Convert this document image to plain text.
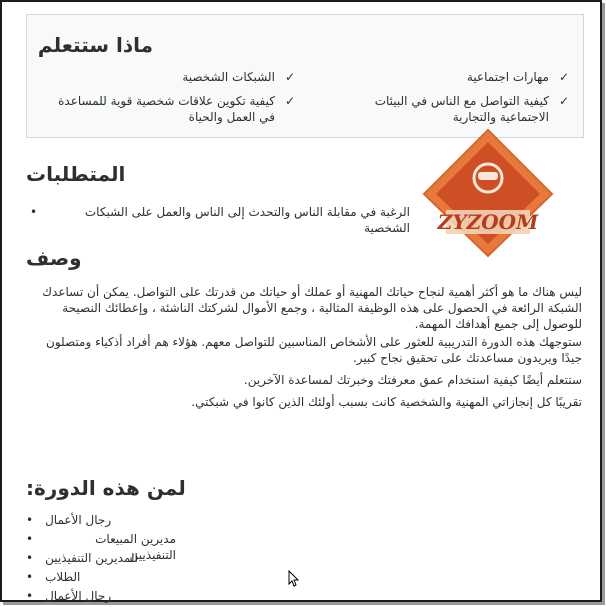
ماذا ستتعلم
✓
مهارات اجتماعية
✓
الشبكات الشخصية
✓
كيفية التواصل مع الناس في البيئات الاجتماعية والتجارية
✓
كيفية تكوين علاقات شخصية قوية للمساعدة في العمل والحياة
المتطلبات
الرغبة في مقابلة الناس والتحدث إلى الناس والعمل على الشبكات الشخصية
•
وصف

ليس هناك ما هو أكثر أهمية لنجاح حياتك المهنية أو عملك أو حياتك من قدرتك على التواصل. يمكن أن تساعدك الشبكة الرائعة في الحصول على هذه الوظيفة المثالية ، وجمع الأموال لشركتك الناشئة ، وإعطائك النصيحة للوصول إلى جميع أهدافك المهمة.

ستوجهك هذه الدورة التدريبية للعثور على الأشخاص المناسبين للتواصل معهم. هؤلاء هم أفراد أذكياء ومتصلون جيدًا ويريدون مساعدتك على تحقيق نجاح كبير.

ستتعلم أيضًا كيفية استخدام عمق معرفتك وخبرتك لمساعدة الآخرين.

تقريبًا كل إنجازاتي المهنية والشخصية كانت بسبب أولئك الذين كانوا في شبكتي.

لمن هذه الدورة:
رجال الأعمال
•
مديرين المبيعات التنفيذيين
•
المديرين التنفيذيين
•
الطلاب
•
رجال الأعمال
•
ZYZOOM
